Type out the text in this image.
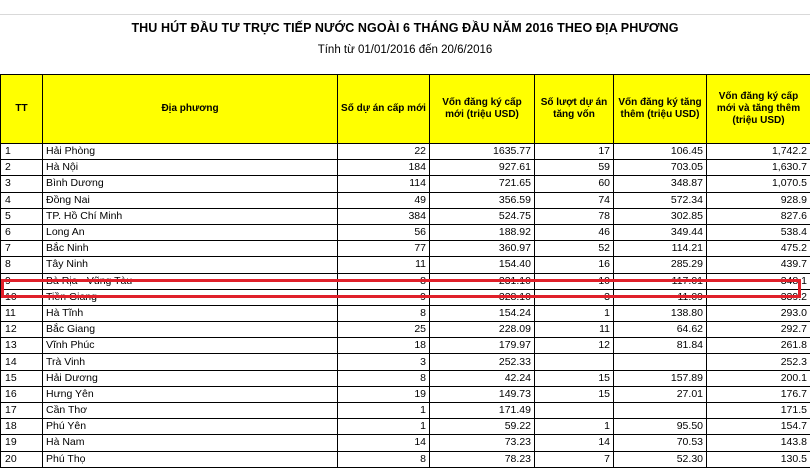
THU HÚT ĐẦU TƯ TRỰC TIẾP NƯỚC NGOÀI 6 THÁNG ĐẦU NĂM 2016 THEO ĐỊA PHƯƠNG
Tính từ 01/01/2016 đến 20/6/2016
TT	Địa phương	Số dự án cấp mới	Vốn đăng ký cấp mới (triệu USD)	Số lượt dự án tăng vốn	Vốn đăng ký tăng thêm (triệu USD)	Vốn đăng ký cấp mới và tăng thêm (triệu USD)
1	Hải Phòng	22	1635.77	17	106.45	1,742.2
2	Hà Nội	184	927.61	59	703.05	1,630.7
3	Bình Dương	114	721.65	60	348.87	1,070.5
4	Đồng Nai	49	356.59	74	572.34	928.9
5	TP. Hồ Chí Minh	384	524.75	78	302.85	827.6
6	Long An	56	188.92	46	349.44	538.4
7	Bắc Ninh	77	360.97	52	114.21	475.2
8	Tây Ninh	11	154.40	16	285.29	439.7
9	Bà Rịa - Vũng Tàu	8	231.10	10	117.01	348.1
10	Tiền Giang	9	328.10	3	11.09	339.2
11	Hà Tĩnh	8	154.24	1	138.80	293.0
12	Bắc Giang	25	228.09	11	64.62	292.7
13	Vĩnh Phúc	18	179.97	12	81.84	261.8
14	Trà Vinh	3	252.33			252.3
15	Hải Dương	8	42.24	15	157.89	200.1
16	Hưng Yên	19	149.73	15	27.01	176.7
17	Cần Thơ	1	171.49			171.5
18	Phú Yên	1	59.22	1	95.50	154.7
19	Hà Nam	14	73.23	14	70.53	143.8
20	Phú Thọ	8	78.23	7	52.30	130.5
